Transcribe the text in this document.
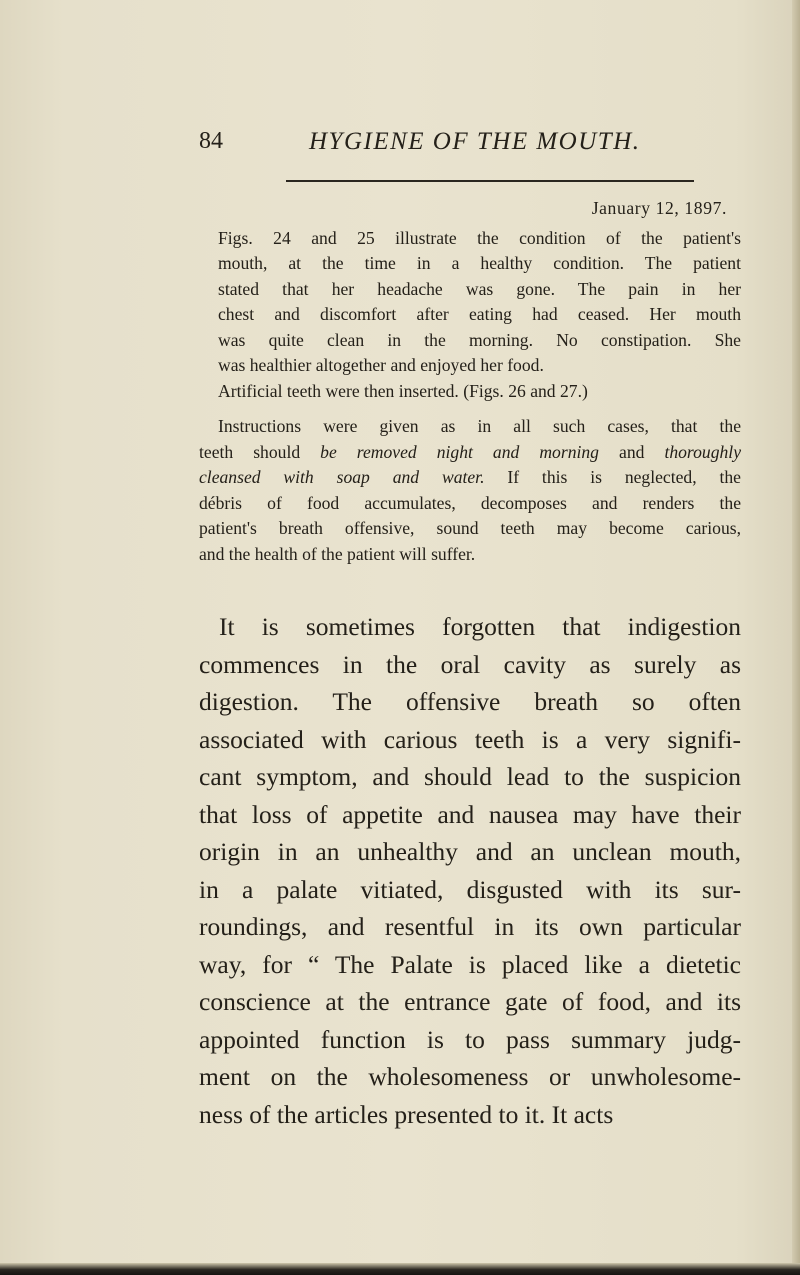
84	HYGIENE OF THE MOUTH.
January 12, 1897.

Figs. 24 and 25 illustrate the condition of the patient's
mouth, at the time in a healthy condition. The patient
stated that her headache was gone. The pain in her
chest and discomfort after eating had ceased. Her mouth
was quite clean in the morning. No constipation. She
was healthier altogether and enjoyed her food.

Artificial teeth were then inserted. (Figs. 26 and 27.)

Instructions were given as in all such cases, that the
teeth should be removed night and morning and thoroughly
cleansed with soap and water. If this is neglected, the
débris of food accumulates, decomposes and renders the
patient's breath offensive, sound teeth may become carious,
and the health of the patient will suffer.

It is sometimes forgotten that indigestion
commences in the oral cavity as surely as
digestion. The offensive breath so often
associated with carious teeth is a very signifi-
cant symptom, and should lead to the suspicion
that loss of appetite and nausea may have their
origin in an unhealthy and an unclean mouth,
in a palate vitiated, disgusted with its sur-
roundings, and resentful in its own particular
way, for “ The Palate is placed like a dietetic
conscience at the entrance gate of food, and its
appointed function is to pass summary judg-
ment on the wholesomeness or unwholesome-
ness of the articles presented to it. It acts
